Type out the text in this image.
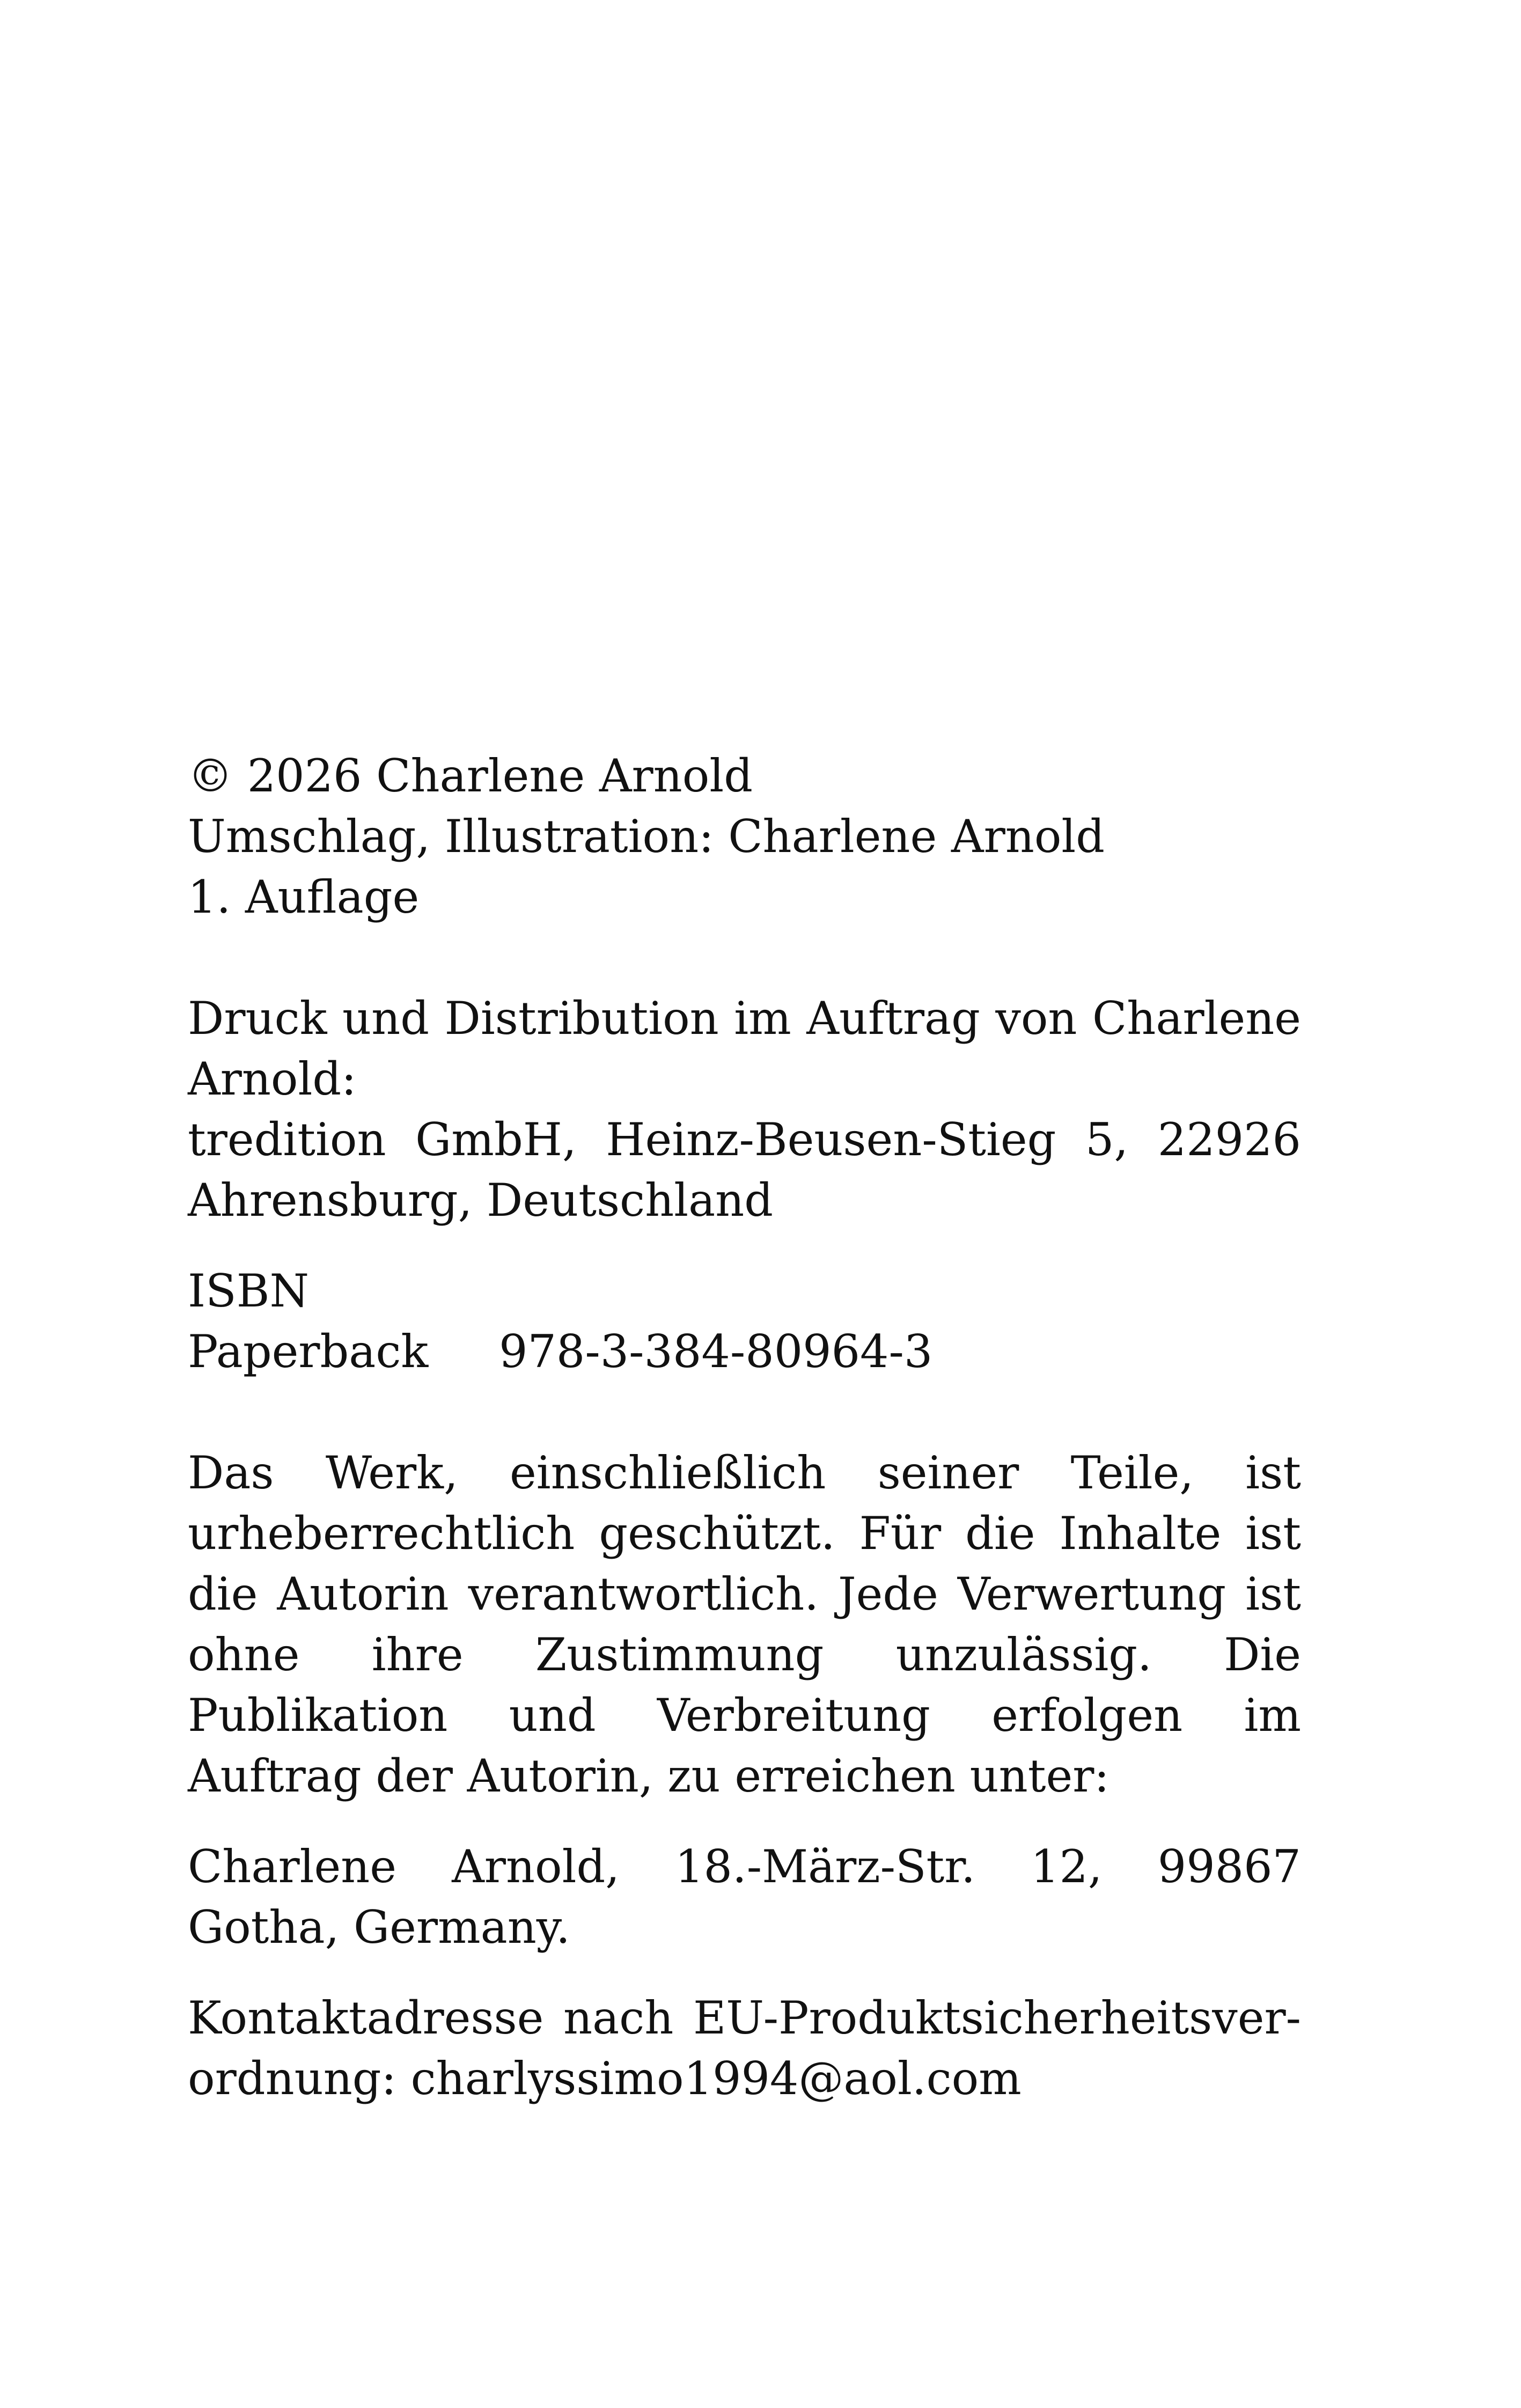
© 2026 Charlene Arnold

Umschlag, Illustration: Charlene Arnold

1. Auflage

Druck und Distribution im Auftrag von Charlene Arnold:

tredition GmbH, Heinz-Beusen-Stieg 5, 22926 Ahrensburg, Deutschland

ISBN

Paperback	978-3-384-80964-3

Das Werk, einschließlich seiner Teile, ist urheberrechtlich geschützt. Für die Inhalte ist die Autorin verantwortlich. Jede Verwertung ist ohne ihre Zustimmung unzulässig. Die Publikation und Verbreitung erfolgen im Auftrag der Autorin, zu erreichen unter:

Charlene Arnold, 18.-März-Str. 12, 99867 Gotha, Germany.

Kontaktadresse nach EU-Produktsicherheitsverordnung: charlyssimo1994@aol.com
